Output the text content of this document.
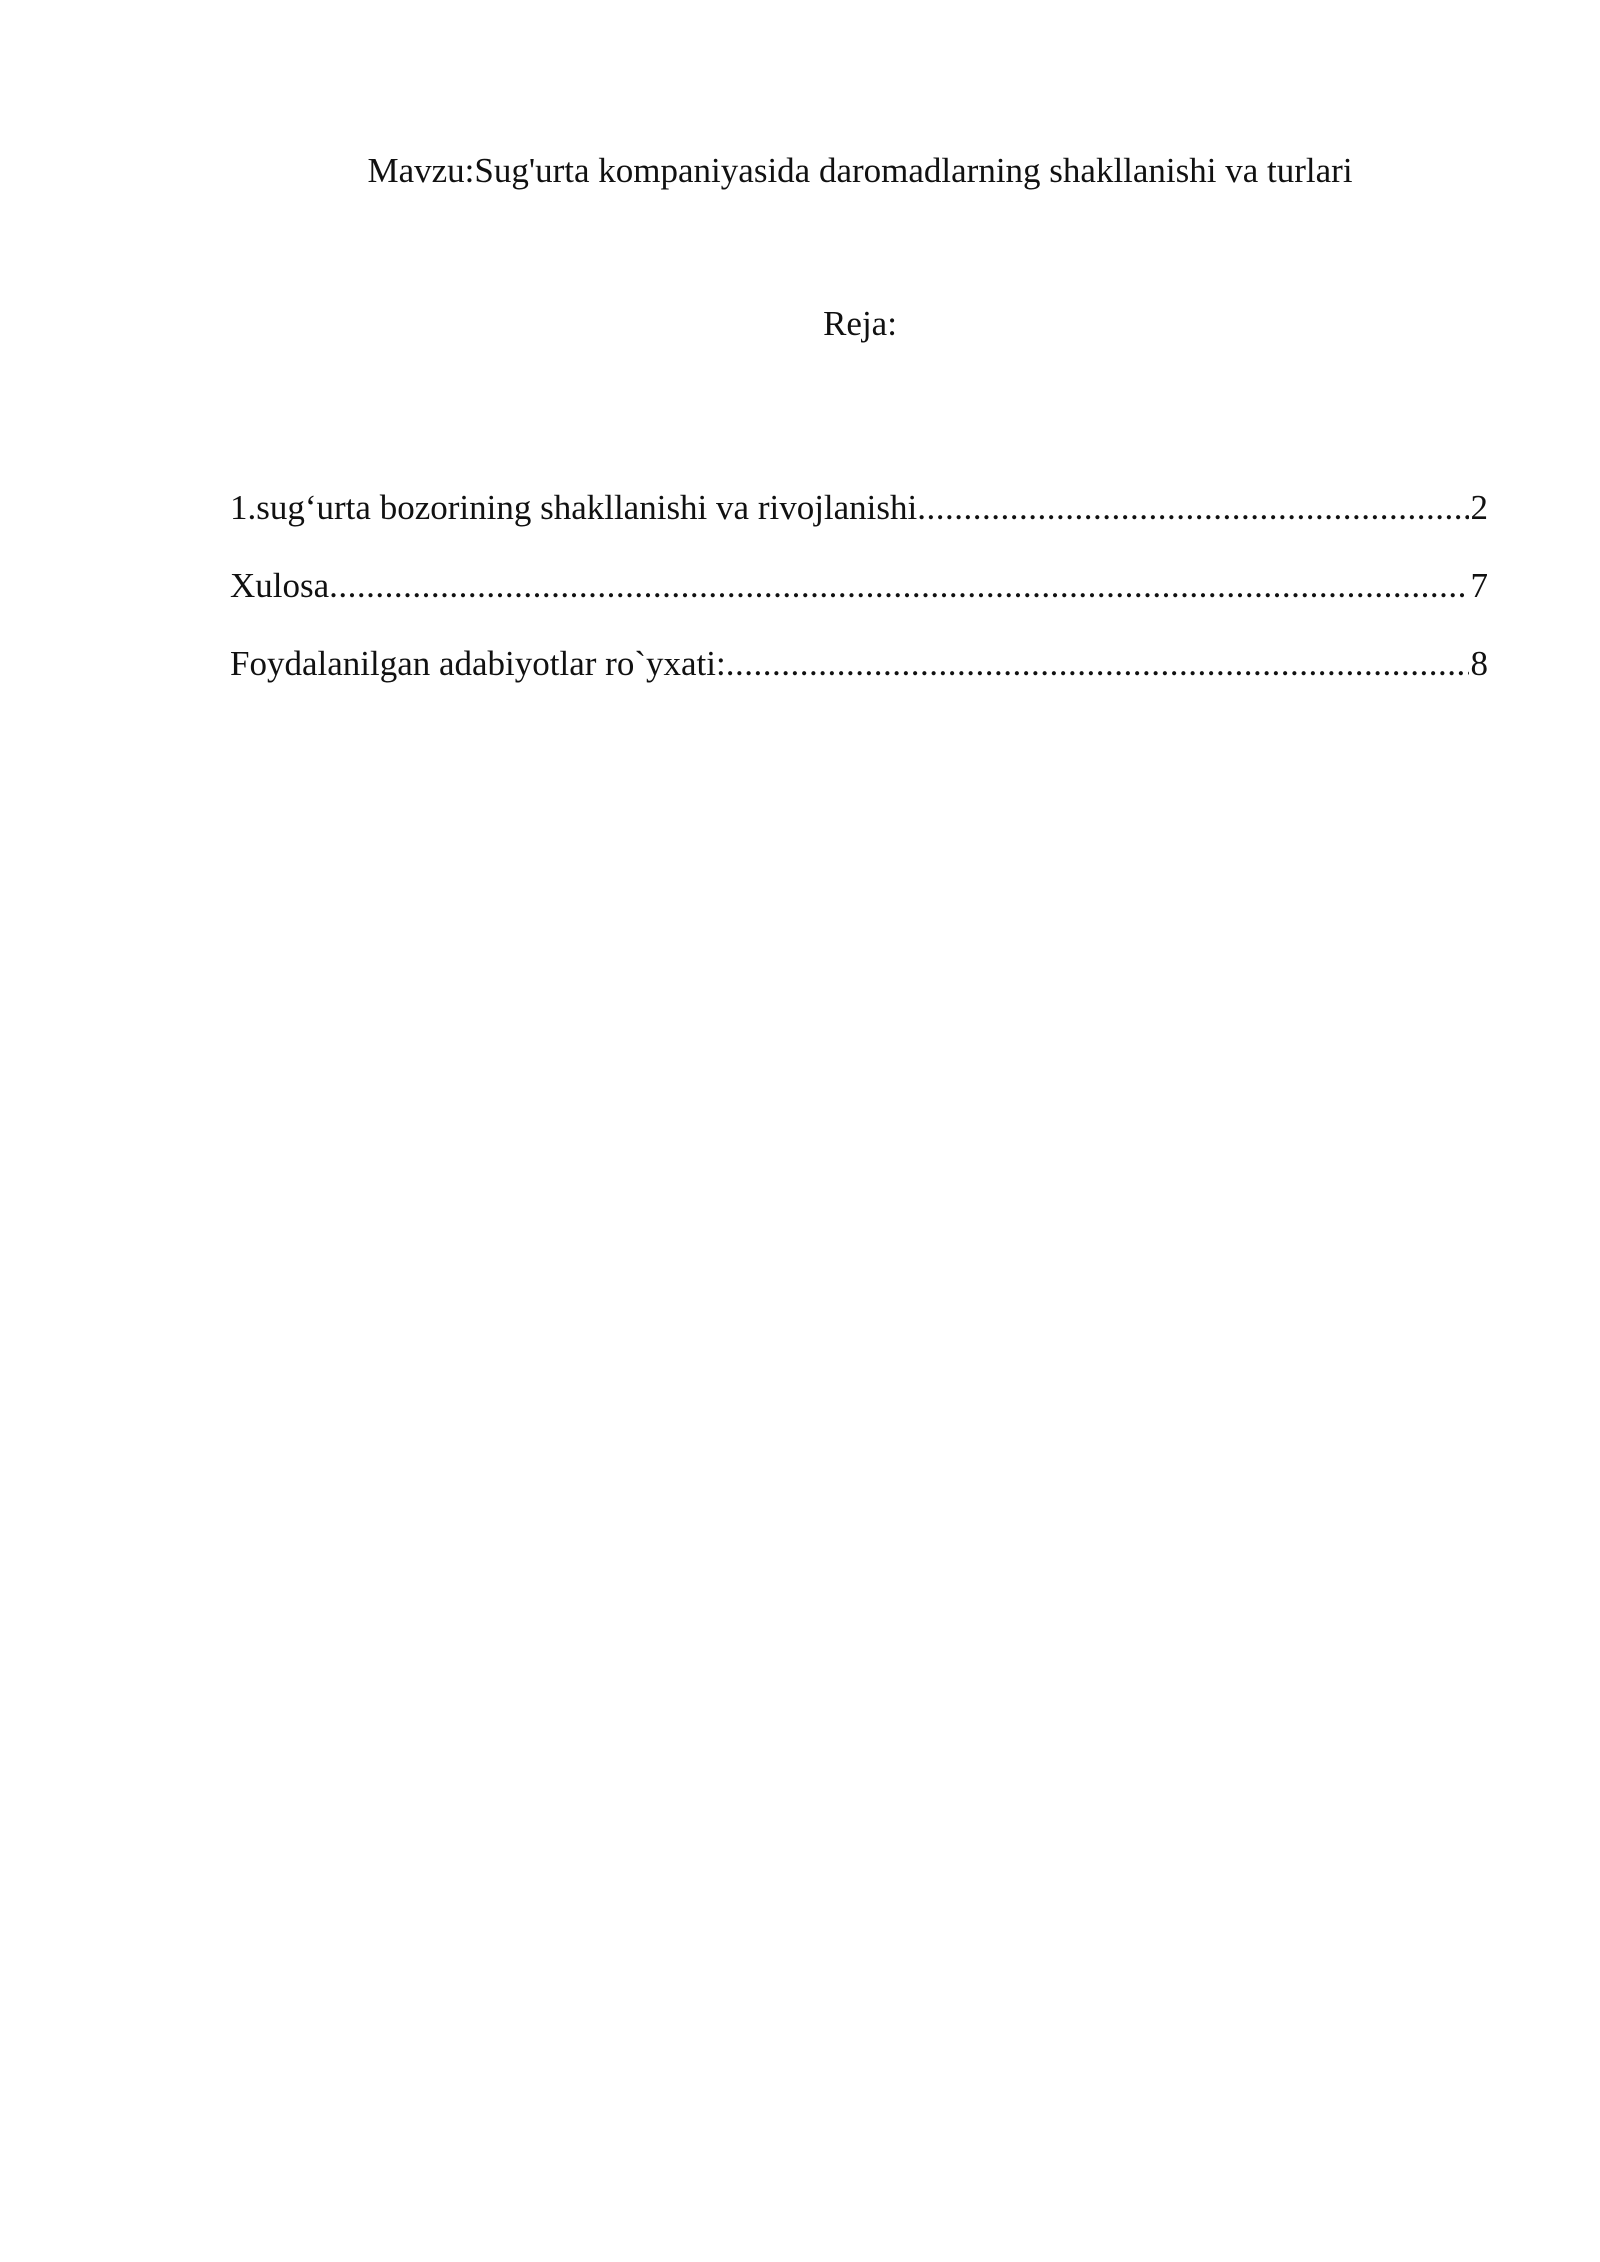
Mavzu:Sug'urta kompaniyasida daromadlarning shakllanishi va turlari
Reja:
1.sug‘urta bozorining shakllanishi va rivojlanishi .....	2
Xulosa .....	7
Foydalanilgan adabiyotlar ro`yxati: .....	8
